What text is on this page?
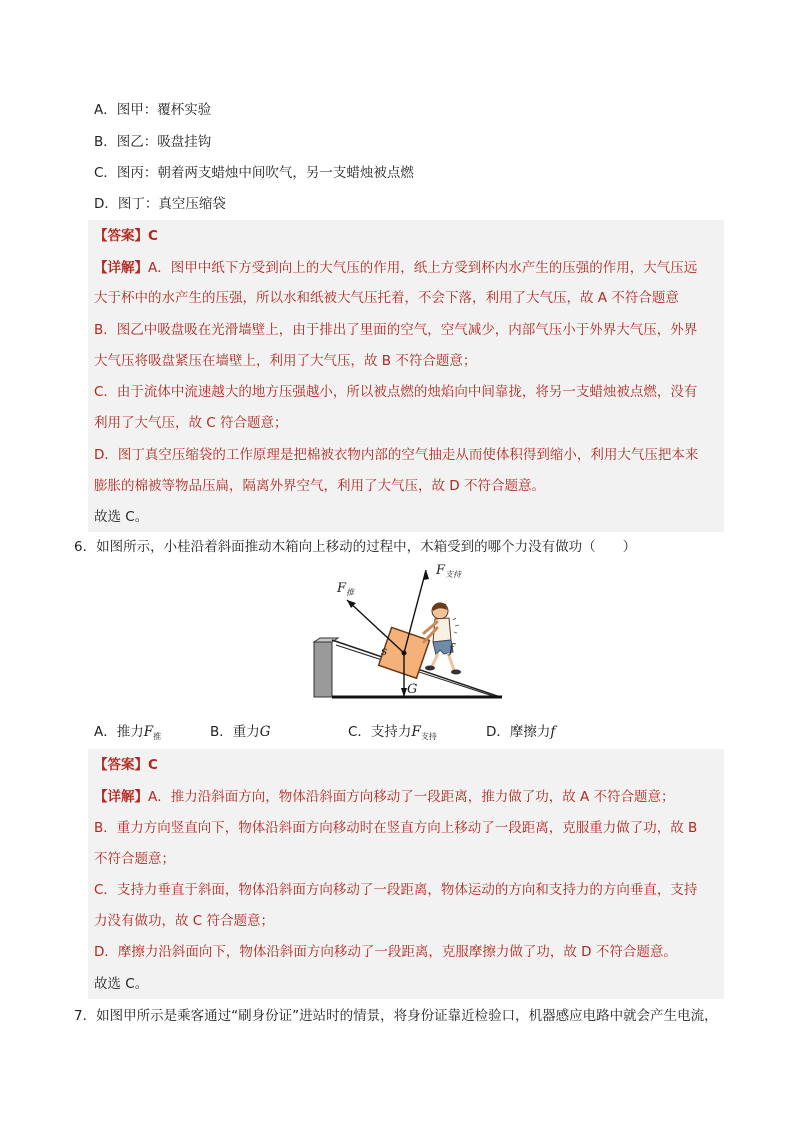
A．图甲：覆杯实验
B．图乙：吸盘挂钩
C．图丙：朝着两支蜡烛中间吹气，另一支蜡烛被点燃
D．图丁：真空压缩袋
【答案】C
【详解】A．图甲中纸下方受到向上的大气压的作用，纸上方受到杯内水产生的压强的作用，大气压远
大于杯中的水产生的压强，所以水和纸被大气压托着，不会下落，利用了大气压，故 A 不符合题意
B．图乙中吸盘吸在光滑墙壁上，由于排出了里面的空气，空气减少，内部气压小于外界大气压，外界
大气压将吸盘紧压在墙壁上，利用了大气压，故 B 不符合题意；
C．由于流体中流速越大的地方压强越小，所以被点燃的烛焰向中间靠拢，将另一支蜡烛被点燃，没有
利用了大气压，故 C 符合题意；
D．图丁真空压缩袋的工作原理是把棉被衣物内部的空气抽走从而使体积得到缩小，利用大气压把本来
膨胀的棉被等物品压扁，隔离外界空气，利用了大气压，故 D 不符合题意。
故选 C。
6．如图所示，小桂沿着斜面推动木箱向上移动的过程中，木箱受到的哪个力没有做功（　　）
$F_推$
$F_{支持}$
G
f
s
A．推力$F_推$	B．重力G	C．支持力$F_{支持}$	D．摩擦力f
【答案】C
【详解】A．推力沿斜面方向，物体沿斜面方向移动了一段距离，推力做了功，故 A 不符合题意；
B．重力方向竖直向下，物体沿斜面方向移动时在竖直方向上移动了一段距离，克服重力做了功，故 B
不符合题意；
C．支持力垂直于斜面，物体沿斜面方向移动了一段距离，物体运动的方向和支持力的方向垂直，支持
力没有做功，故 C 符合题意；
D．摩擦力沿斜面向下，物体沿斜面方向移动了一段距离，克服摩擦力做了功，故 D 不符合题意。
故选 C。
7．如图甲所示是乘客通过“刷身份证”进站时的情景，将身份证靠近检验口，机器感应电路中就会产生电流，
